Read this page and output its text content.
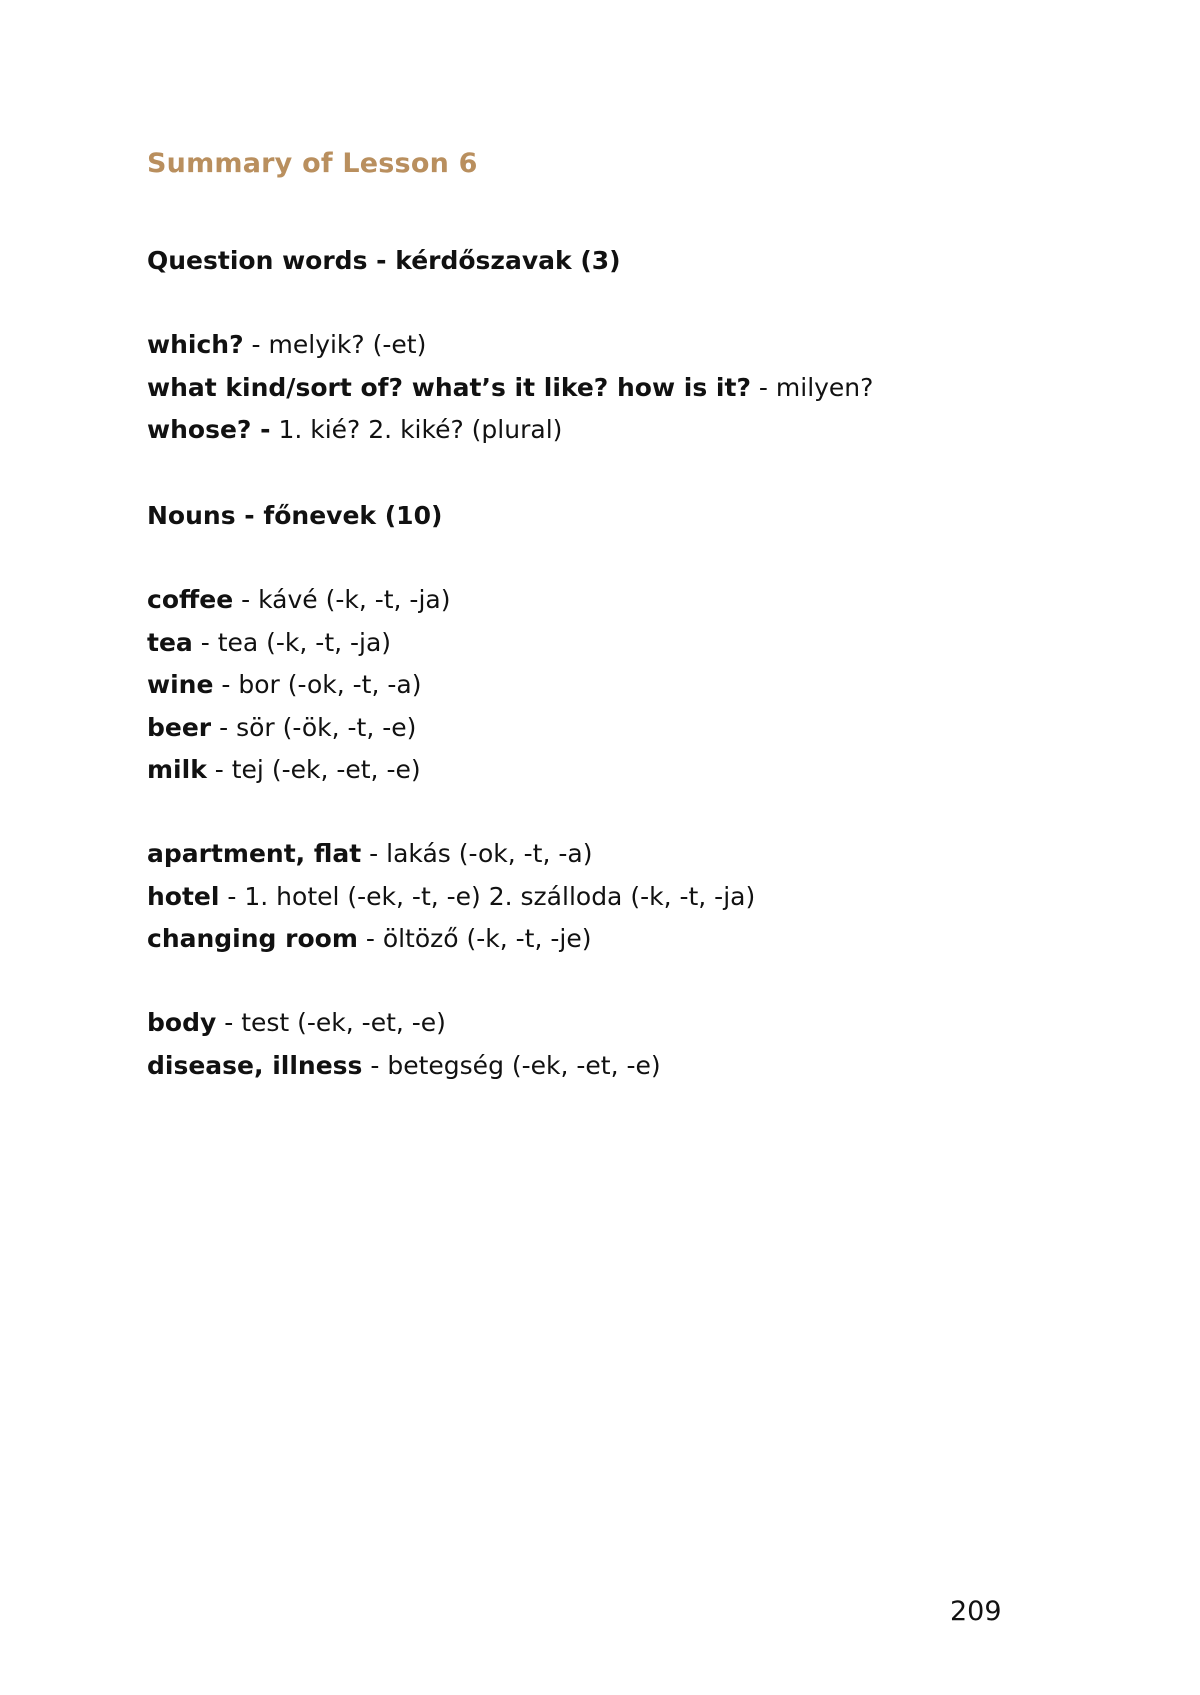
Summary of Lesson 6
Question words - kérdőszavak (3)
which? - melyik? (-et)
what kind/sort of? what’s it like? how is it? - milyen?
whose? - 1. kié? 2. kiké? (plural)
Nouns - főnevek (10)
coffee - kávé (-k, -t, -ja)
tea - tea (-k, -t, -ja)
wine - bor (-ok, -t, -a)
beer - sör (-ök, -t, -e)
milk - tej (-ek, -et, -e)
apartment, flat - lakás (-ok, -t, -a)
hotel - 1. hotel (-ek, -t, -e) 2. szálloda (-k, -t, -ja)
changing room - öltöző (-k, -t, -je)
body - test (-ek, -et, -e)
disease, illness - betegség (-ek, -et, -e)
209
